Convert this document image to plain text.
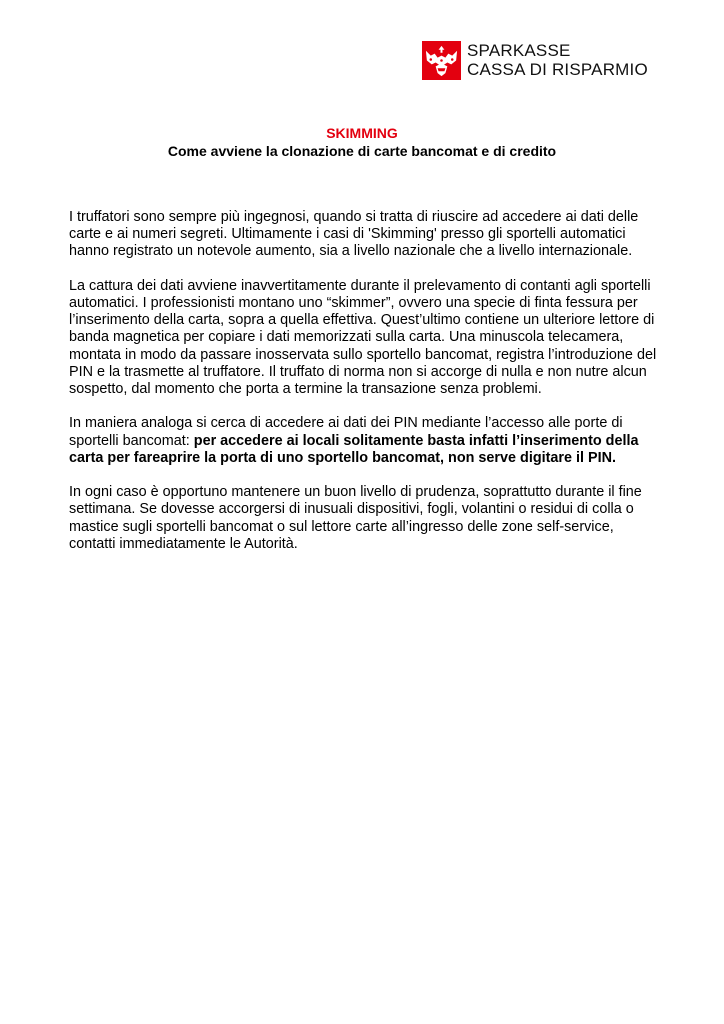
SPARKASSE
CASSA DI RISPARMIO
SKIMMING
Come avviene la clonazione di carte bancomat e di credito

I truffatori sono sempre più ingegnosi, quando si tratta di riuscire ad accedere ai dati delle carte e ai numeri segreti. Ultimamente i casi di 'Skimming' presso gli sportelli automatici hanno registrato un notevole aumento, sia a livello nazionale che a livello internazionale.

La cattura dei dati avviene inavvertitamente durante il prelevamento di contanti agli sportelli automatici. I professionisti montano uno “skimmer”, ovvero una specie di finta fessura per l’inserimento della carta, sopra a quella effettiva. Quest’ultimo contiene un ulteriore lettore di banda magnetica per copiare i dati memorizzati sulla carta. Una minuscola telecamera, montata in modo da passare inosservata sullo sportello bancomat, registra l’introduzione del PIN e la trasmette al truffatore. Il truffato di norma non si accorge di nulla e non nutre alcun sospetto, dal momento che porta a termine la transazione senza problemi.

In maniera analoga si cerca di accedere ai dati dei PIN mediante l’accesso alle porte di sportelli bancomat: per accedere ai locali solitamente basta infatti l’inserimento della carta per fareaprire la porta di uno sportello bancomat, non serve digitare il PIN.

In ogni caso è opportuno mantenere un buon livello di prudenza, soprattutto durante il fine settimana. Se dovesse accorgersi di inusuali dispositivi, fogli, volantini o residui di colla o mastice sugli sportelli bancomat o sul lettore carte all’ingresso delle zone self-service, contatti immediatamente le Autorità.
